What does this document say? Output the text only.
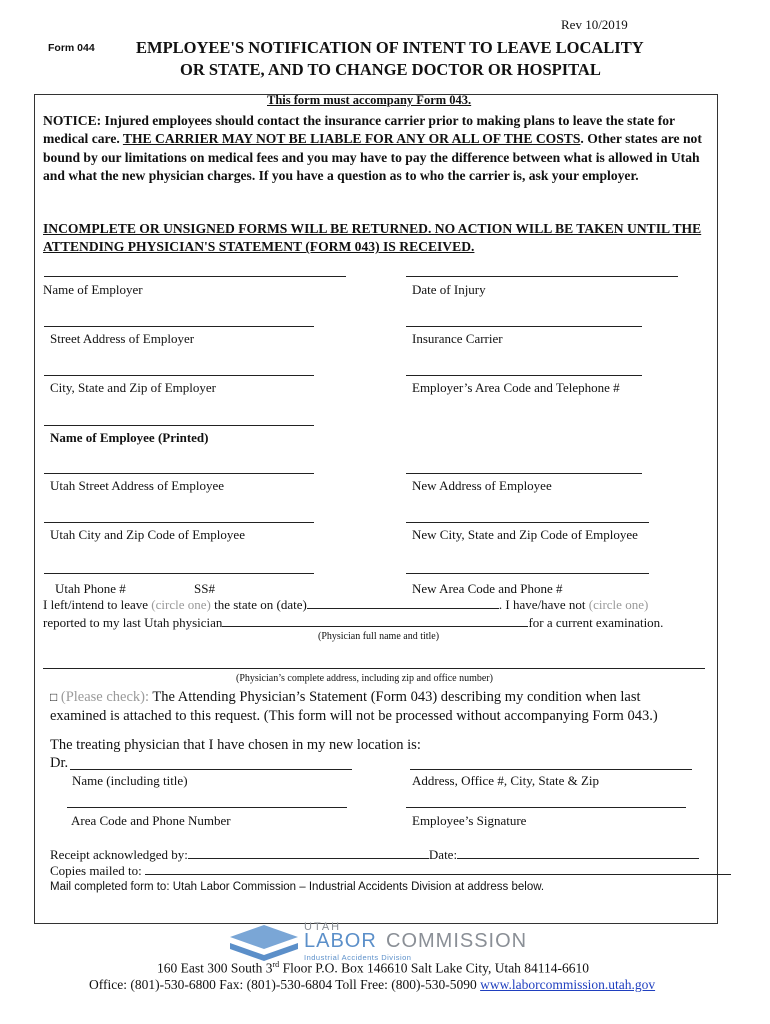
Rev 10/2019
Form 044	EMPLOYEE'S NOTIFICATION OF INTENT TO LEAVE LOCALITY
OR STATE, AND TO CHANGE DOCTOR OR HOSPITAL
This form must accompany Form 043.
NOTICE: Injured employees should contact the insurance carrier prior to making plans to leave the state for medical care. THE CARRIER MAY NOT BE LIABLE FOR ANY OR ALL OF THE COSTS. Other states are not bound by our limitations on medical fees and you may have to pay the difference between what is allowed in Utah and what the new physician charges. If you have a question as to who the carrier is, ask your employer.
INCOMPLETE OR UNSIGNED FORMS WILL BE RETURNED. NO ACTION WILL BE TAKEN UNTIL THE ATTENDING PHYSICIAN'S STATEMENT (FORM 043) IS RECEIVED.
Name of Employer	Date of Injury
Street Address of Employer	Insurance Carrier
City, State and Zip of Employer	Employer’s Area Code and Telephone #
Name of Employee (Printed)
Utah Street Address of Employee	New Address of Employee
Utah City and Zip Code of Employee	New City, State and Zip Code of Employee
Utah Phone #	SS#	New Area Code and Phone #
I left/intend to leave (circle one) the state on (date)	. I have/have not (circle one)
reported to my last Utah physician	for a current examination.
(Physician full name and title)
(Physician’s complete address, including zip and office number)
□ (Please check): The Attending Physician’s Statement (Form 043) describing my condition when last
examined is attached to this request. (This form will not be processed without accompanying Form 043.)
The treating physician that I have chosen in my new location is:
Dr.
Name (including title)	Address, Office #, City, State & Zip
Area Code and Phone Number	Employee’s Signature
Receipt acknowledged by:	Date:
Copies mailed to:
Mail completed form to: Utah Labor Commission – Industrial Accidents Division at address below.
UTAH
LABOR COMMISSION
Industrial Accidents Division
160 East 300 South 3rd Floor P.O. Box 146610 Salt Lake City, Utah 84114-6610
Office: (801)-530-6800 Fax: (801)-530-6804 Toll Free: (800)-530-5090 www.laborcommission.utah.gov
